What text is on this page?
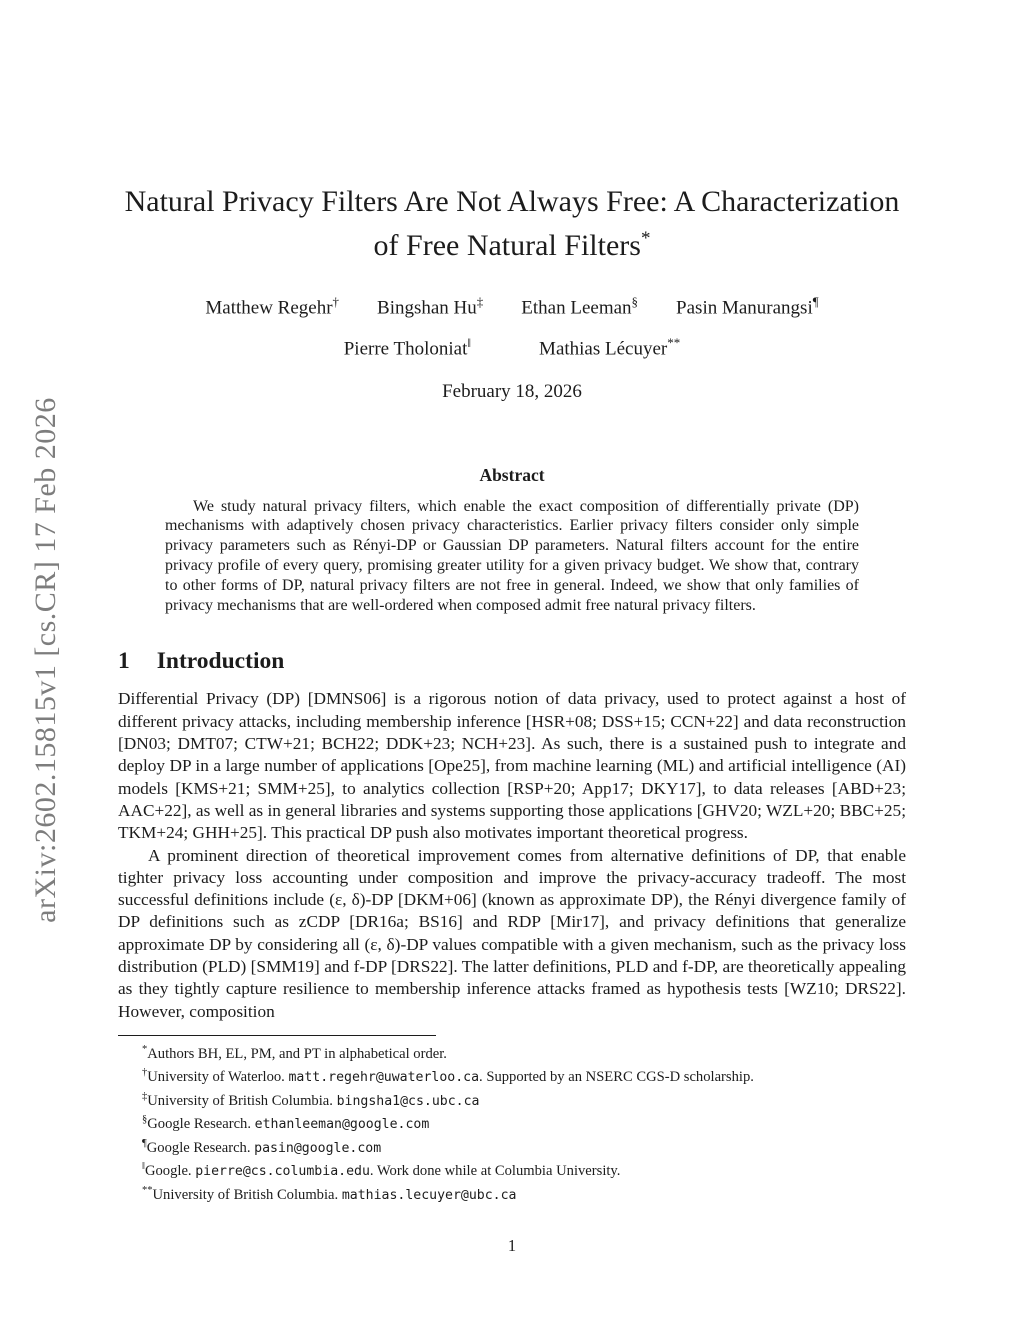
arXiv:2602.15815v1 [cs.CR] 17 Feb 2026
Natural Privacy Filters Are Not Always Free: A Characterization
of Free Natural Filters*
Matthew Regehr† Bingshan Hu‡ Ethan Leeman§ Pasin Manurangsi¶
Pierre Tholoniat‖	Mathias Lécuyer**
February 18, 2026
Abstract

We study natural privacy filters, which enable the exact composition of differentially private (DP) mechanisms with adaptively chosen privacy characteristics. Earlier privacy filters consider only simple privacy parameters such as Rényi-DP or Gaussian DP parameters. Natural filters account for the entire privacy profile of every query, promising greater utility for a given privacy budget. We show that, contrary to other forms of DP, natural privacy filters are not free in general. Indeed, we show that only families of privacy mechanisms that are well-ordered when composed admit free natural privacy filters.

1 Introduction

Differential Privacy (DP) [DMNS06] is a rigorous notion of data privacy, used to protect against a host of different privacy attacks, including membership inference [HSR+08; DSS+15; CCN+22] and data reconstruction [DN03; DMT07; CTW+21; BCH22; DDK+23; NCH+23]. As such, there is a sustained push to integrate and deploy DP in a large number of applications [Ope25], from machine learning (ML) and artificial intelligence (AI) models [KMS+21; SMM+25], to analytics collection [RSP+20; App17; DKY17], to data releases [ABD+23; AAC+22], as well as in general libraries and systems supporting those applications [GHV20; WZL+20; BBC+25; TKM+24; GHH+25]. This practical DP push also motivates important theoretical progress.

A prominent direction of theoretical improvement comes from alternative definitions of DP, that enable tighter privacy loss accounting under composition and improve the privacy-accuracy tradeoff. The most successful definitions include (ε, δ)-DP [DKM+06] (known as approximate DP), the Rényi divergence family of DP definitions such as zCDP [DR16a; BS16] and RDP [Mir17], and privacy definitions that generalize approximate DP by considering all (ε, δ)-DP values compatible with a given mechanism, such as the privacy loss distribution (PLD) [SMM19] and f-DP [DRS22]. The latter definitions, PLD and f-DP, are theoretically appealing as they tightly capture resilience to membership inference attacks framed as hypothesis tests [WZ10; DRS22]. However, composition

*Authors BH, EL, PM, and PT in alphabetical order.

†University of Waterloo. matt.regehr@uwaterloo.ca. Supported by an NSERC CGS-D scholarship.

‡University of British Columbia. bingsha1@cs.ubc.ca

§Google Research. ethanleeman@google.com

¶Google Research. pasin@google.com

‖Google. pierre@cs.columbia.edu. Work done while at Columbia University.

**University of British Columbia. mathias.lecuyer@ubc.ca

1
